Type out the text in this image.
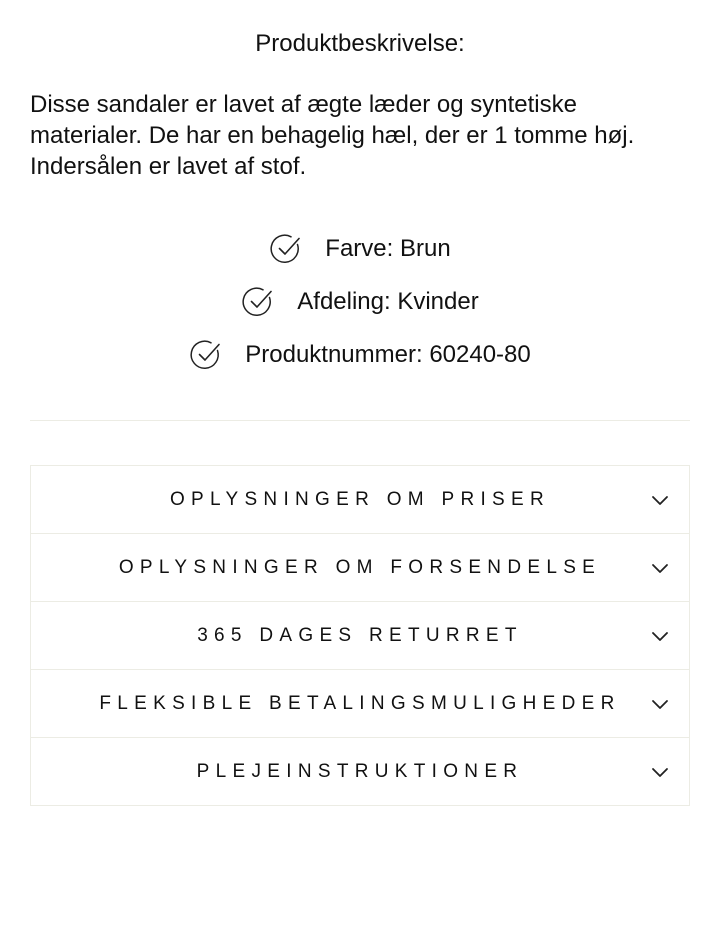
Produktbeskrivelse:
Disse sandaler er lavet af ægte læder og syntetiske materialer. De har en behagelig hæl, der er 1 tomme høj. Indersålen er lavet af stof.
Farve: Brun
Afdeling: Kvinder
Produktnummer: 60240-80
OPLYSNINGER OM PRISER
OPLYSNINGER OM FORSENDELSE
365 DAGES RETURRET
FLEKSIBLE BETALINGSMULIGHEDER
PLEJEINSTRUKTIONER
